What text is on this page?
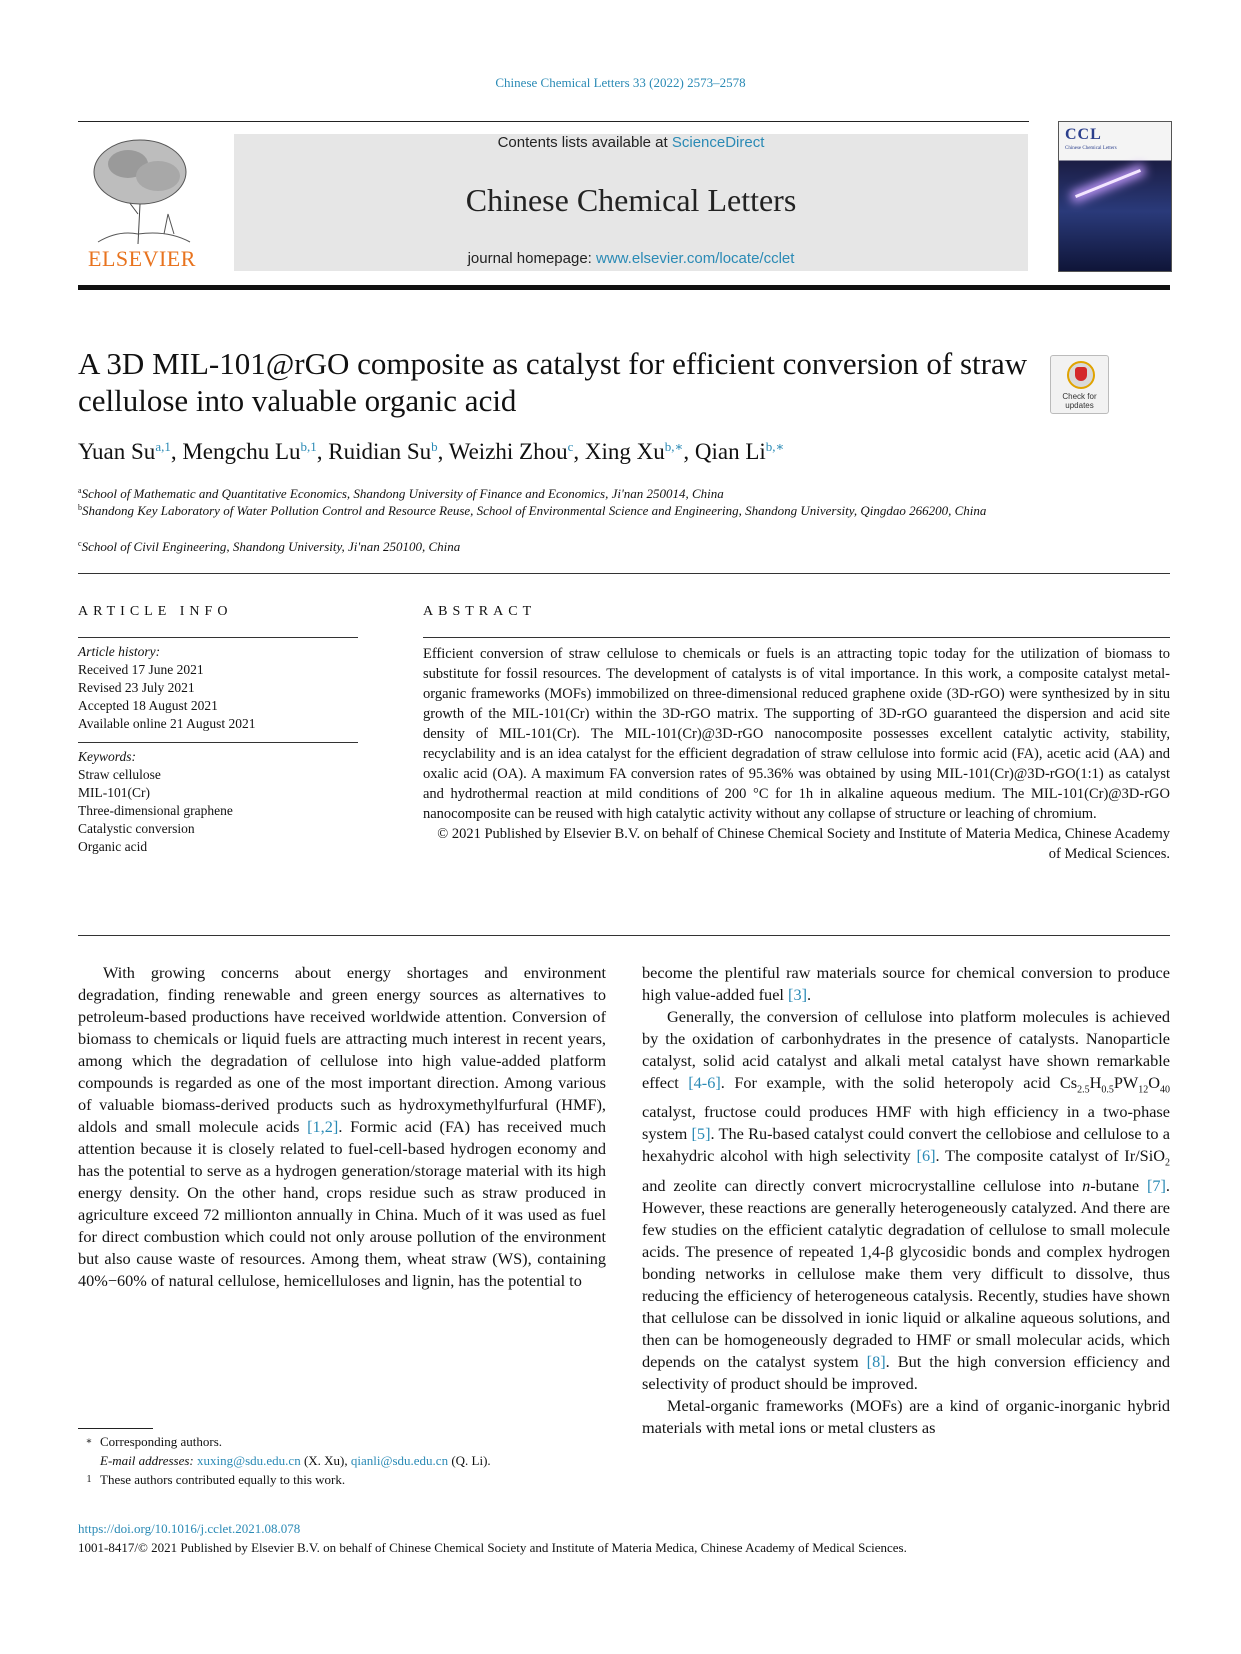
Chinese Chemical Letters 33 (2022) 2573–2578
ELSEVIER
Contents lists available at ScienceDirect
Chinese Chemical Letters
journal homepage: www.elsevier.com/locate/cclet
CCL
Chinese Chemical Letters
A 3D MIL-101@rGO composite as catalyst for efficient conversion of straw cellulose into valuable organic acid	Check for updates
Yuan Su$^{a,1}$, Mengchu Lu$^{b,1}$, Ruidian Su$^b$, Weizhi Zhou$^c$, Xing $Xu^{b,∗}$, Qian $Li^{b,∗}$
$^a$School of Mathematic and Quantitative Economics, Shandong University of Finance and Economics, Ji'nan 250014, China
$^b$Shandong Key Laboratory of Water Pollution Control and Resource Reuse, School of Environmental Science and Engineering, Shandong University, Qingdao 266200, China
$^c$School of Civil Engineering, Shandong University, Ji'nan 250100, China
ARTICLE INFO
Article history:
Received 17 June 2021
Revised 23 July 2021
Accepted 18 August 2021
Available online 21 August 2021
Keywords:
Straw cellulose
MIL-101(Cr)
Three-dimensional graphene
Catalystic conversion
Organic acid
ABSTRACT
Efficient conversion of straw cellulose to chemicals or fuels is an attracting topic today for the utilization of biomass to substitute for fossil resources. The development of catalysts is of vital importance. In this work, a composite catalyst metal-organic frameworks (MOFs) immobilized on three-dimensional reduced graphene oxide (3D-rGO) were synthesized by in situ growth of the MIL-101(Cr) within the 3D-rGO matrix. The supporting of 3D-rGO guaranteed the dispersion and acid site density of MIL-101(Cr). The MIL-101(Cr)@3D-rGO nanocomposite possesses excellent catalytic activity, stability, recyclability and is an idea catalyst for the efficient degradation of straw cellulose into formic acid (FA), acetic acid (AA) and oxalic acid (OA). A maximum FA conversion rates of 95.36% was obtained by using MIL-101(Cr)@3D-rGO(1:1) as catalyst and hydrothermal reaction at mild conditions of 200 °C for 1h in alkaline aqueous medium. The MIL-101(Cr)@3D-rGO nanocomposite can be reused with high catalytic activity without any collapse of structure or leaching of chromium.
© 2021 Published by Elsevier B.V. on behalf of Chinese Chemical Society and Institute of Materia Medica, Chinese Academy of Medical Sciences.

With growing concerns about energy shortages and environment degradation, finding renewable and green energy sources as alternatives to petroleum-based productions have received worldwide attention. Conversion of biomass to chemicals or liquid fuels are attracting much interest in recent years, among which the degradation of cellulose into high value-added platform compounds is regarded as one of the most important direction. Among various of valuable biomass-derived products such as hydroxymethylfurfural (HMF), aldols and small molecule acids [1,2]. Formic acid (FA) has received much attention because it is closely related to fuel-cell-based hydrogen economy and has the potential to serve as a hydrogen generation/storage material with its high energy density. On the other hand, crops residue such as straw produced in agriculture exceed 72 millionton annually in China. Much of it was used as fuel for direct combustion which could not only arouse pollution of the environment but also cause waste of resources. Among them, wheat straw (WS), containing 40%−60% of natural cellulose, hemicelluloses and lignin, has the potential to

become the plentiful raw materials source for chemical conversion to produce high value-added fuel [3].

Generally, the conversion of cellulose into platform molecules is achieved by the oxidation of carbonhydrates in the presence of catalysts. Nanoparticle catalyst, solid acid catalyst and alkali metal catalyst have shown remarkable effect [4-6]. For example, with the solid heteropoly acid $Cs_{2.5}H_{0.5}PW_{12}O_{40}$ catalyst, fructose could produces HMF with high efficiency in a two-phase system [5]. The Ru-based catalyst could convert the cellobiose and cellulose to a hexahydric alcohol with high selectivity [6]. The composite catalyst of Ir/SiO$_2$ and zeolite can directly convert microcrystalline cellulose into n-butane [7]. However, these reactions are generally heterogeneously catalyzed. And there are few studies on the efficient catalytic degradation of cellulose to small molecule acids. The presence of repeated 1,4-β glycosidic bonds and complex hydrogen bonding networks in cellulose make them very difficult to dissolve, thus reducing the efficiency of heterogeneous catalysis. Recently, studies have shown that cellulose can be dissolved in ionic liquid or alkaline aqueous solutions, and then can be homogeneously degraded to HMF or small molecular acids, which depends on the catalyst system [8]. But the high conversion efficiency and selectivity of product should be improved.

Metal-organic frameworks (MOFs) are a kind of organic-inorganic hybrid materials with metal ions or metal clusters as

∗ Corresponding authors.
E-mail addresses: xuxing@sdu.edu.cn (X. Xu), qianli@sdu.edu.cn (Q. Li).
1 These authors contributed equally to this work.
https://doi.org/10.1016/j.cclet.2021.08.078
1001-8417/© 2021 Published by Elsevier B.V. on behalf of Chinese Chemical Society and Institute of Materia Medica, Chinese Academy of Medical Sciences.
